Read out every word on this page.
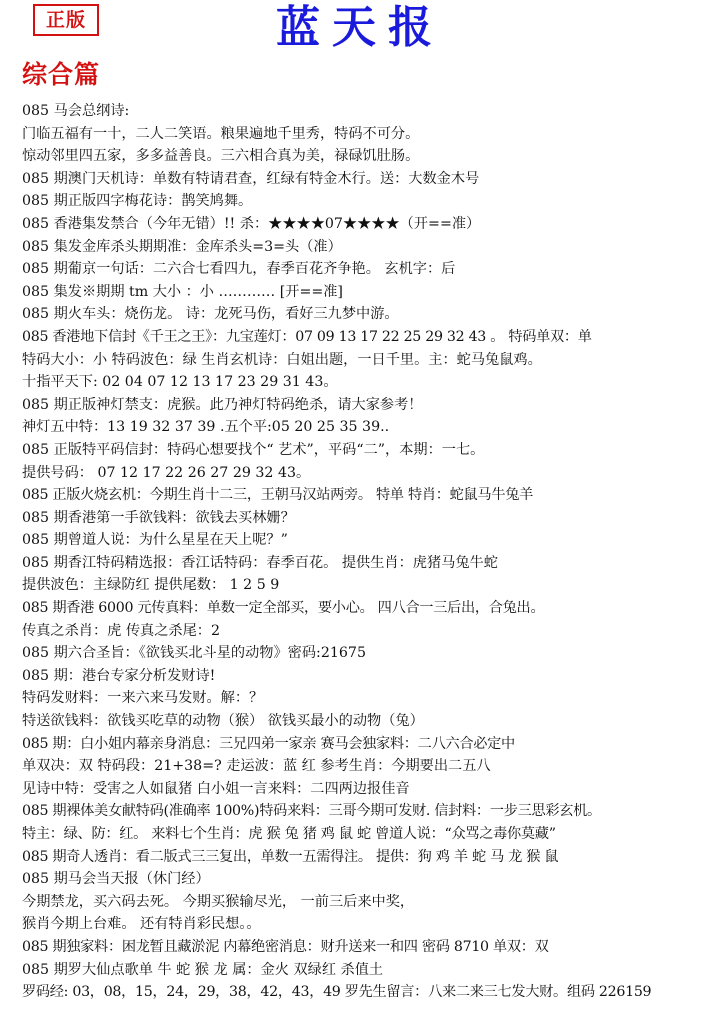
正版	蓝天报
综合篇
085 马会总纲诗:
门临五福有一十，二人二笑语。粮果遍地千里秀，特码不可分。
惊动邻里四五家，多多益善良。三六相合真为美，禄碌饥肚肠。
085 期澳门天机诗：单数有特请君查，红绿有特金木行。送：大数金木号
085 期正版四字梅花诗：鹊笑鸠舞。
085 香港集发禁合（今年无错）!! 杀：★★★★07★★★★（开==准）
085 集发金库杀头期期准：金库杀头=3=头（准）
085 期葡京一句话：二六合七看四九，春季百花齐争艳。 玄机字：后
085 集发※期期 tm 大小 ：小 ………… [开==准]
085 期火车头：烧伤龙。 诗：龙死马伤，看好三九梦中游。
085 香港地下信封《千王之王》：九宝莲灯：07 09 13 17 22 25 29 32 43 。 特码单双：单
特码大小：小 特码波色：绿 生肖玄机诗：白姐出题，一日千里。主：蛇马兔鼠鸡。
十指平天下: 02 04 07 12 13 17 23 29 31 43。
085 期正版神灯禁支：虎猴。此乃神灯特码绝杀，请大家参考！
神灯五中特：13 19 32 37 39 .五个平:05 20 25 35 39..
085 正版特平码信封：特码心想要找个“ 艺术”，平码“二”，本期：一七。
提供号码： 07 12 17 22 26 27 29 32 43。
085 正版火烧玄机：今期生肖十二三，王朝马汉站两旁。 特单 特肖：蛇鼠马牛兔羊
085 期香港第一手欲钱料：欲钱去买林姗？
085 期曾道人说：为什么星星在天上呢？”
085 期香江特码精选报：香江话特码：春季百花。 提供生肖：虎猪马兔牛蛇
提供波色：主绿防红 提供尾数： 1 2 5 9
085 期香港 6000 元传真料：单数一定全部买，要小心。 四八合一三后出，合兔出。
传真之杀肖：虎 传真之杀尾：2
085 期六合圣旨：《欲钱买北斗星的动物》密码:21675
085 期：港台专家分析发财诗!
特码发财料：一来六来马发财。解：？
特送欲钱料：欲钱买吃草的动物（猴） 欲钱买最小的动物（兔）
085 期：白小姐内幕亲身消息：三兄四弟一家亲 赛马会独家料：二八六合必定中
单双决：双 特码段：21+38=? 走运波：蓝 红 参考生肖：今期要出二五八
见诗中特：受害之人如鼠猪 白小姐一言来料：二四两边报佳音
085 期裸体美女献特码(准确率 100%)特码来料：三哥今期可发财. 信封料：一步三思彩玄机。
特主：绿、防：红。 来料七个生肖：虎 猴 兔 猪 鸡 鼠 蛇 曾道人说：“众骂之毒你莫藏”
085 期奇人透肖：看二版式三三复出，单数一五需得注。 提供：狗 鸡 羊 蛇 马 龙 猴 鼠
085 期马会当天报（休门经）
今期禁龙，买六码去死。 今期买猴输尽光， 一前三后来中奖，
猴肖今期上台难。 还有特肖彩民想。。
085 期独家料：困龙暂且藏淤泥 内幕绝密消息：财升送来一和四 密码 8710 单双：双
085 期罗大仙点歌单 牛 蛇 猴 龙 属：金火 双绿红 杀值土
罗码经: 03，08，15，24，29，38，42，43，49 罗先生留言：八来二来三七发大财。组码 226159
